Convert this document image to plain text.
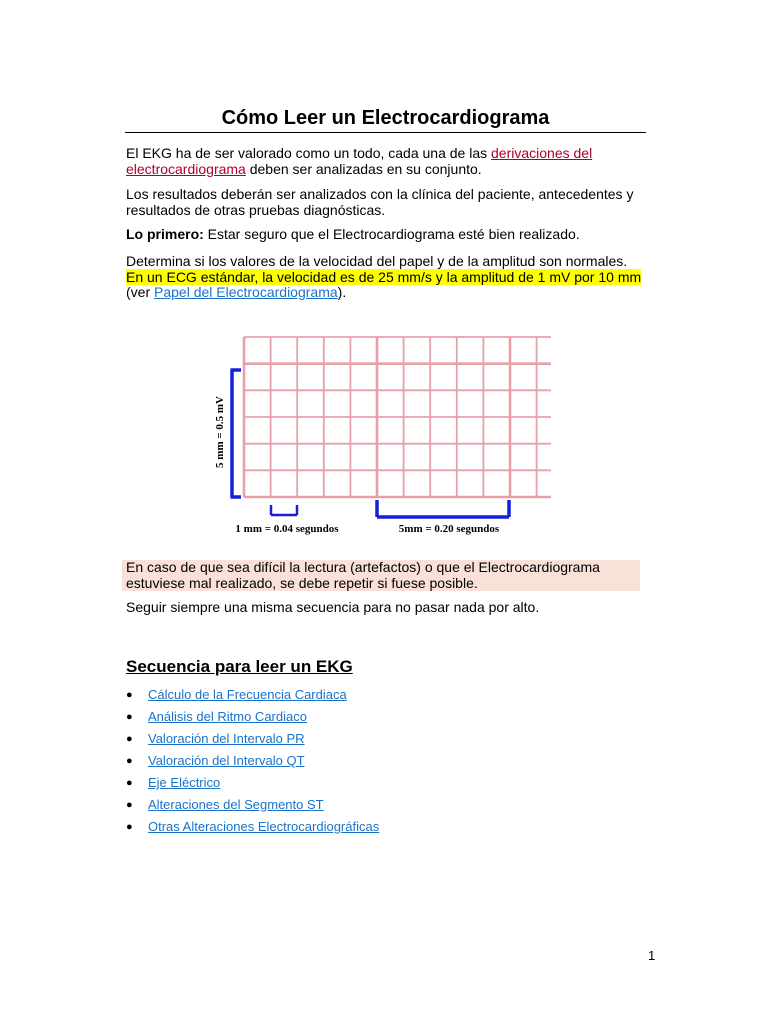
Cómo Leer un Electrocardiograma

El EKG ha de ser valorado como un todo, cada una de las derivaciones del electrocardiograma deben ser analizadas en su conjunto.

Los resultados deberán ser analizados con la clínica del paciente, antecedentes y resultados de otras pruebas diagnósticas.

Lo primero: Estar seguro que el Electrocardiograma esté bien realizado.

Determina si los valores de la velocidad del papel y de la amplitud son normales. En un ECG estándar, la velocidad es de 25 mm/s y la amplitud de 1 mV por 10 mm (ver Papel del Electrocardiograma).

5 mm = 0.5 mV
1 mm = 0.04 segundos	5mm = 0.20 segundos

En caso de que sea difícil la lectura (artefactos) o que el Electrocardiograma estuviese mal realizado, se debe repetir si fuese posible.

Seguir siempre una misma secuencia para no pasar nada por alto.

Secuencia para leer un EKG
● Cálculo de la Frecuencia Cardiaca
● Análisis del Ritmo Cardiaco
● Valoración del Intervalo PR
● Valoración del Intervalo QT
● Eje Eléctrico
● Alteraciones del Segmento ST
● Otras Alteraciones Electrocardiográficas
1
